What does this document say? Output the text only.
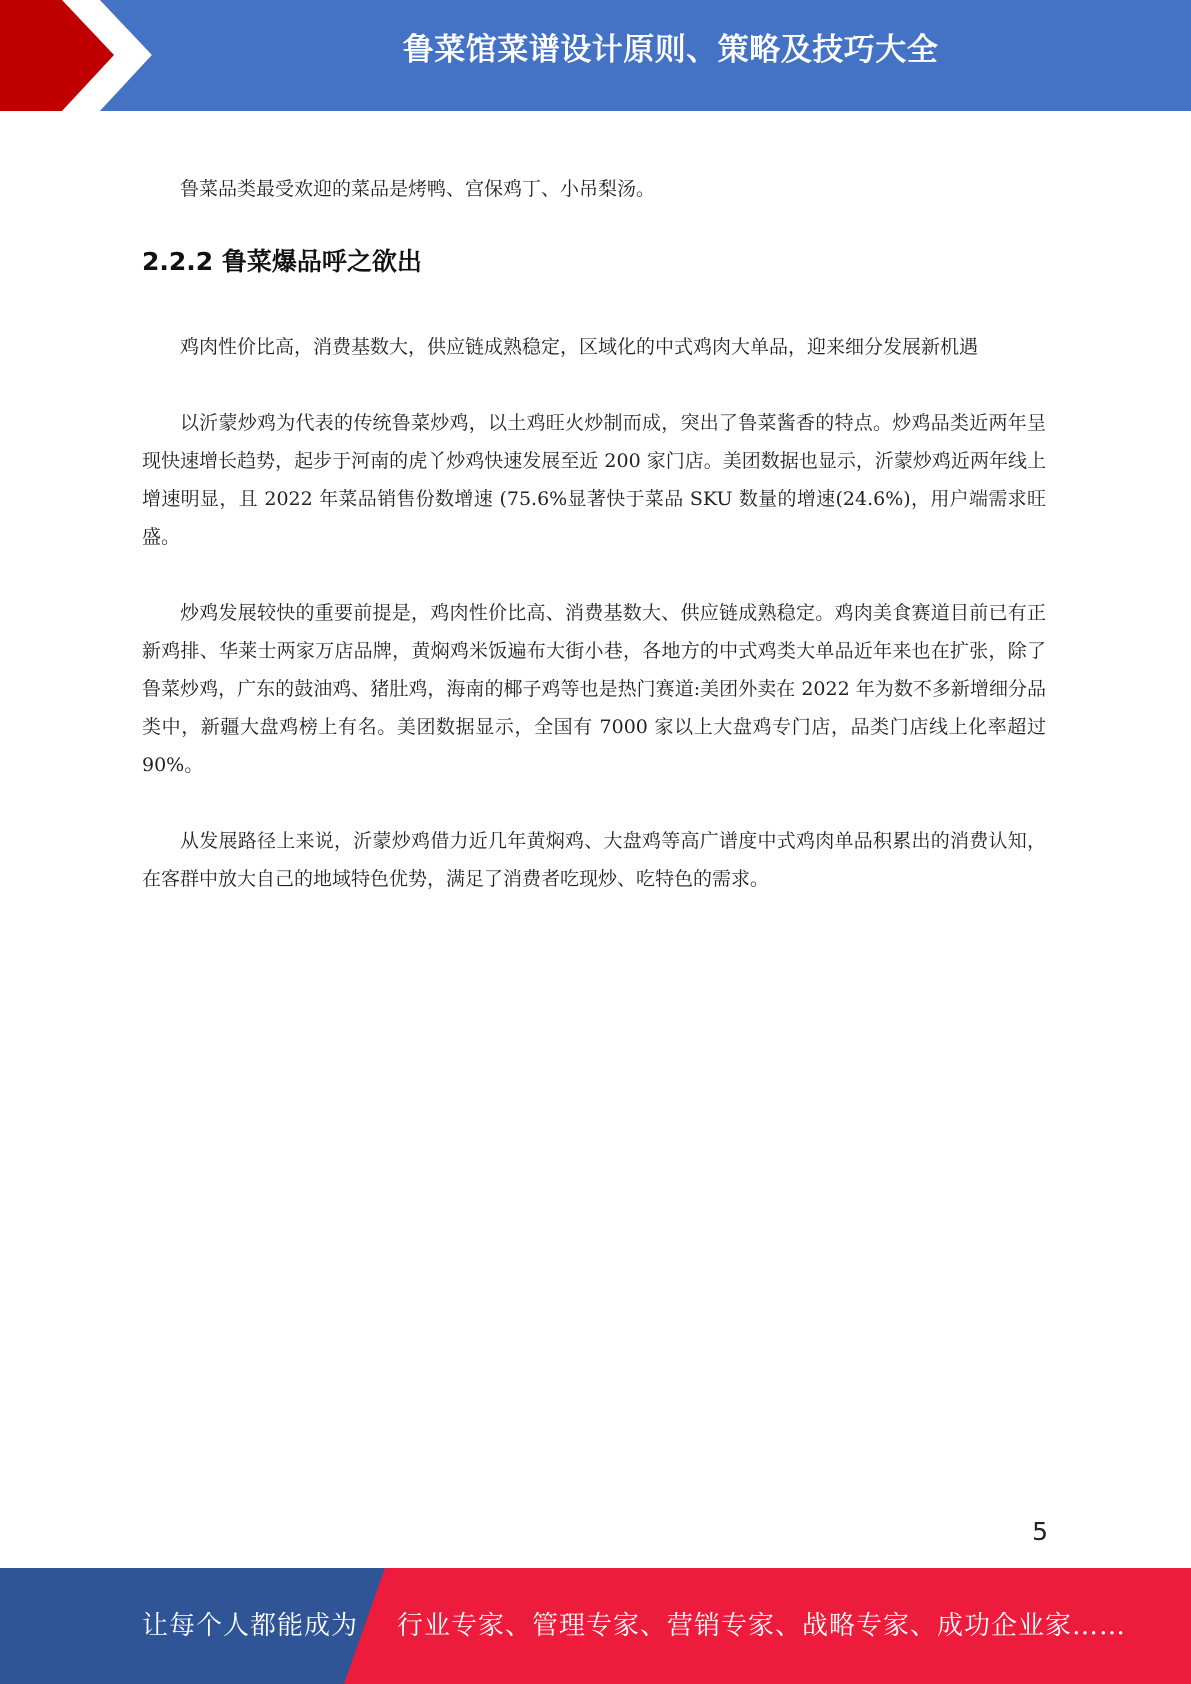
鲁菜馆菜谱设计原则、策略及技巧大全

鲁菜品类最受欢迎的菜品是烤鸭、宫保鸡丁、小吊梨汤。

2.2.2 鲁菜爆品呼之欲出

鸡肉性价比高，消费基数大，供应链成熟稳定，区域化的中式鸡肉大单品，迎来细分发展新机遇

以沂蒙炒鸡为代表的传统鲁菜炒鸡，以土鸡旺火炒制而成，突出了鲁菜酱香的特点。炒鸡品类近两年呈现快速增长趋势，起步于河南的虎丫炒鸡快速发展至近 200 家门店。美团数据也显示，沂蒙炒鸡近两年线上增速明显，且 2022 年菜品销售份数增速 (75.6%显著快于菜品 SKU 数量的增速(24.6%)，用户端需求旺盛。

炒鸡发展较快的重要前提是，鸡肉性价比高、消费基数大、供应链成熟稳定。鸡肉美食赛道目前已有正新鸡排、华莱士两家万店品牌，黄焖鸡米饭遍布大街小巷，各地方的中式鸡类大单品近年来也在扩张，除了鲁菜炒鸡，广东的鼓油鸡、猪肚鸡，海南的椰子鸡等也是热门赛道:美团外卖在 2022 年为数不多新增细分品类中，新疆大盘鸡榜上有名。美团数据显示，全国有 7000 家以上大盘鸡专门店，品类门店线上化率超过 90%。

从发展路径上来说，沂蒙炒鸡借力近几年黄焖鸡、大盘鸡等高广谱度中式鸡肉单品积累出的消费认知，在客群中放大自己的地域特色优势，满足了消费者吃现炒、吃特色的需求。

5
让每个人都能成为 行业专家、管理专家、营销专家、战略专家、成功企业家……
